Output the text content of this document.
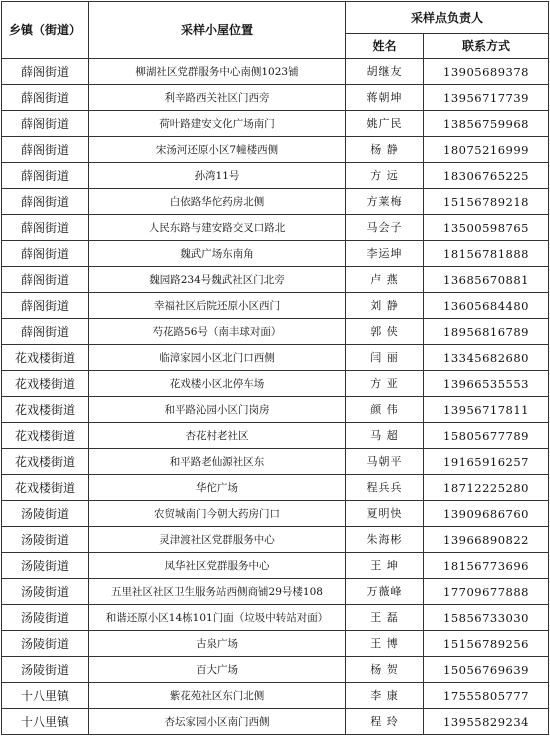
乡镇（街道）	采样小屋位置	采样点负责人	
		姓名	联系方式
薛阁街道	柳湖社区党群服务中心南侧1023铺	胡继友	13905689378
薛阁街道	利辛路西关社区门西旁	蒋朝坤	13956717739
薛阁街道	荷叶路建安文化广场南门	姚广民	13856759968
薛阁街道	宋汤河还原小区7幢楼西侧	杨 静	18075216999
薛阁街道	孙湾11号	方 远	18306765225
薛阁街道	白依路华佗药房北侧	方莱梅	15156789218
薛阁街道	人民东路与建安路交叉口路北	马会子	13500598765
薛阁街道	魏武广场东南角	李运坤	18156781888
薛阁街道	魏园路234号魏武社区门北旁	卢 燕	13685670881
薛阁街道	幸福社区后院还原小区西门	刘 静	13605684480
薛阁街道	芍花路56号（南丰球对面）	郭 侠	18956816789
花戏楼街道	临漳家园小区北门口西侧	闫 丽	13345682680
花戏楼街道	花戏楼小区北停车场	方 亚	13966535553
花戏楼街道	和平路沁园小区门岗房	颜 伟	13956717811
花戏楼街道	杏花村老社区	马 超	15805677789
花戏楼街道	和平路老仙源社区东	马朝平	19165916257
花戏楼街道	华佗广场	程兵兵	18712225280
汤陵街道	农贸城南门今朝大药房门口	夏明快	13909686760
汤陵街道	灵津渡社区党群服务中心	朱海彬	13966890822
汤陵街道	凤华社区党群服务中心	王 坤	18156773696
汤陵街道	五里社区社区卫生服务站西侧商铺29号楼108	万薇峰	17709677888
汤陵街道	和谐还原小区14栋101门面（垃圾中转站对面）	王 磊	15856733030
汤陵街道	古泉广场	王 博	15156789256
汤陵街道	百大广场	杨 贺	15056769639
十八里镇	紫花苑社区东门北侧	李 康	17555805777
十八里镇	杏坛家园小区南门西侧	程 玲	13955829234
